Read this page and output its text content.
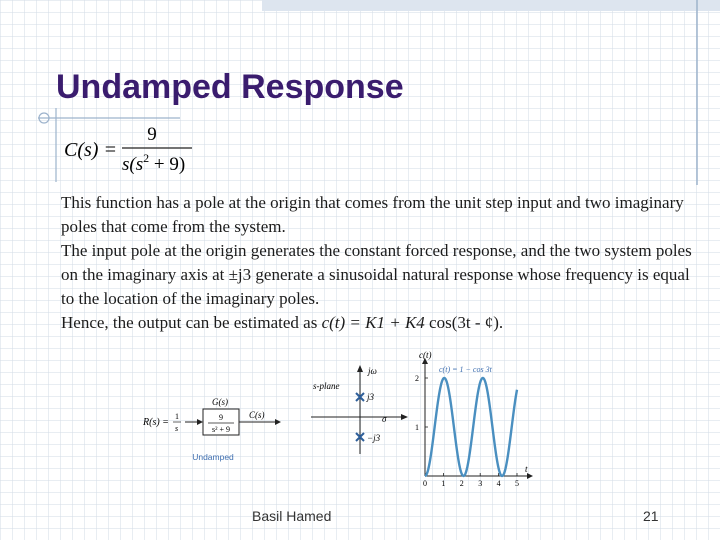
Undamped Response
C(s) =
9
$s(s^2 + 9)$

This function has a pole at the origin that comes from the unit step input and two imaginary poles that come from the system.

The input pole at the origin generates the constant forced response, and the two system poles on the imaginary axis at ±j3 generate a sinusoidal natural response whose frequency is equal to the location of the imaginary poles.

Hence, the output can be estimated as c(t) = K1 + K4 cos(3t - ¢).

R(s) =
1
s
G(s)
9
s² + 9
C(s)
Undamped
jω
s-plane
σ
j3
−j3
0 1 2 3 4 5
1
2
c(t)
t
c(t) = 1 − cos 3t
Basil Hamed	21
